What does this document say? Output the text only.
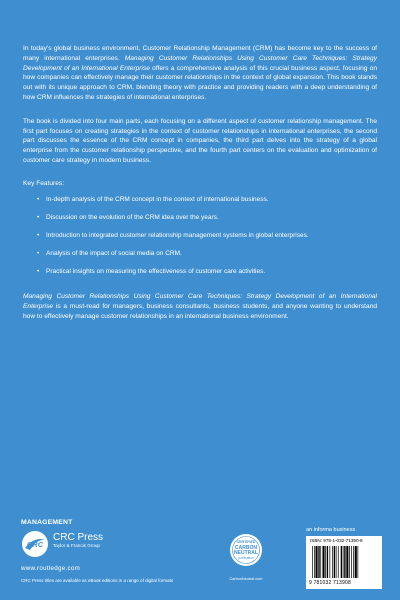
In today's global business environment, Customer Relationship Management (CRM) has become key to the success of many international enterprises. Managing Customer Relationships Using Customer Care Techniques: Strategy Development of an International Enterprise offers a comprehensive analysis of this crucial business aspect, focusing on how companies can effectively manage their customer relationships in the context of global expansion. This book stands out with its unique approach to CRM, blending theory with practice and providing readers with a deep understanding of how CRM influences the strategies of international enterprises.

The book is divided into four main parts, each focusing on a different aspect of customer relationship management. The first part focuses on creating strategies in the context of customer relationships in international enterprises, the second part discusses the essence of the CRM concept in companies, the third part delves into the strategy of a global enterprise from the customer relationship perspective, and the fourth part centers on the evaluation and optimization of customer care strategy in modern business.

Key Features:
• In-depth analysis of the CRM concept in the context of international business.
• Discussion on the evolution of the CRM idea over the years.
• Introduction to integrated customer relationship management systems in global enterprises.
• Analysis of the impact of social media on CRM.
• Practical insights on measuring the effectiveness of customer care activities.
Managing Customer Relationships Using Customer Care Techniques: Strategy Development of an International Enterprise is a must-read for managers, business consultants, business students, and anyone wanting to understand how to effectively manage customer relationships in an international business environment.
MANAGEMENT
CRC
CRC Press
Taylor & Francis Group
www.routledge.com
CRC Press titles are available as eBook editions in a range of digital formats
CERTIFIED
CARBON
NEUTRAL
publication
CarbonNeutral.com
an informa business
ISBN: 978-1-032-71390-8
9 781032 713908
